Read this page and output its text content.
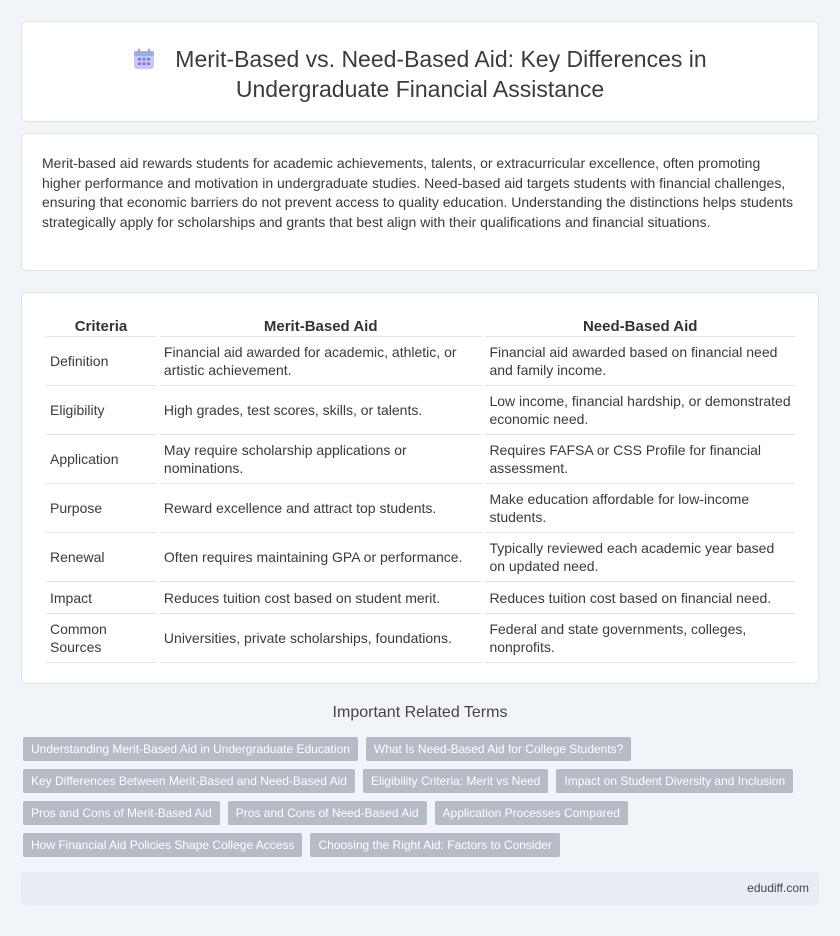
Merit-Based vs. Need-Based Aid: Key Differences in
Undergraduate Financial Assistance

Merit-based aid rewards students for academic achievements, talents, or extracurricular excellence, often promoting higher performance and motivation in undergraduate studies. Need-based aid targets students with financial challenges, ensuring that economic barriers do not prevent access to quality education. Understanding the distinctions helps students strategically apply for scholarships and grants that best align with their qualifications and financial situations.

Criteria	Merit-Based Aid	Need-Based Aid
Definition	Financial aid awarded for academic, athletic, or artistic achievement.	Financial aid awarded based on financial need and family income.
Eligibility	High grades, test scores, skills, or talents.	Low income, financial hardship, or demonstrated economic need.
Application	May require scholarship applications or nominations.	Requires FAFSA or CSS Profile for financial assessment.
Purpose	Reward excellence and attract top students.	Make education affordable for low-income students.
Renewal	Often requires maintaining GPA or performance.	Typically reviewed each academic year based on updated need.
Impact	Reduces tuition cost based on student merit.	Reduces tuition cost based on financial need.
Common Sources	Universities, private scholarships, foundations.	Federal and state governments, colleges, nonprofits.
Important Related Terms
Understanding Merit-Based Aid in Undergraduate Education	What Is Need-Based Aid for College Students?
Key Differences Between Merit-Based and Need-Based Aid	Eligibility Criteria: Merit vs Need	Impact on Student Diversity and Inclusion
Pros and Cons of Merit-Based Aid	Pros and Cons of Need-Based Aid	Application Processes Compared
How Financial Aid Policies Shape College Access	Choosing the Right Aid: Factors to Consider
edudiff.com
